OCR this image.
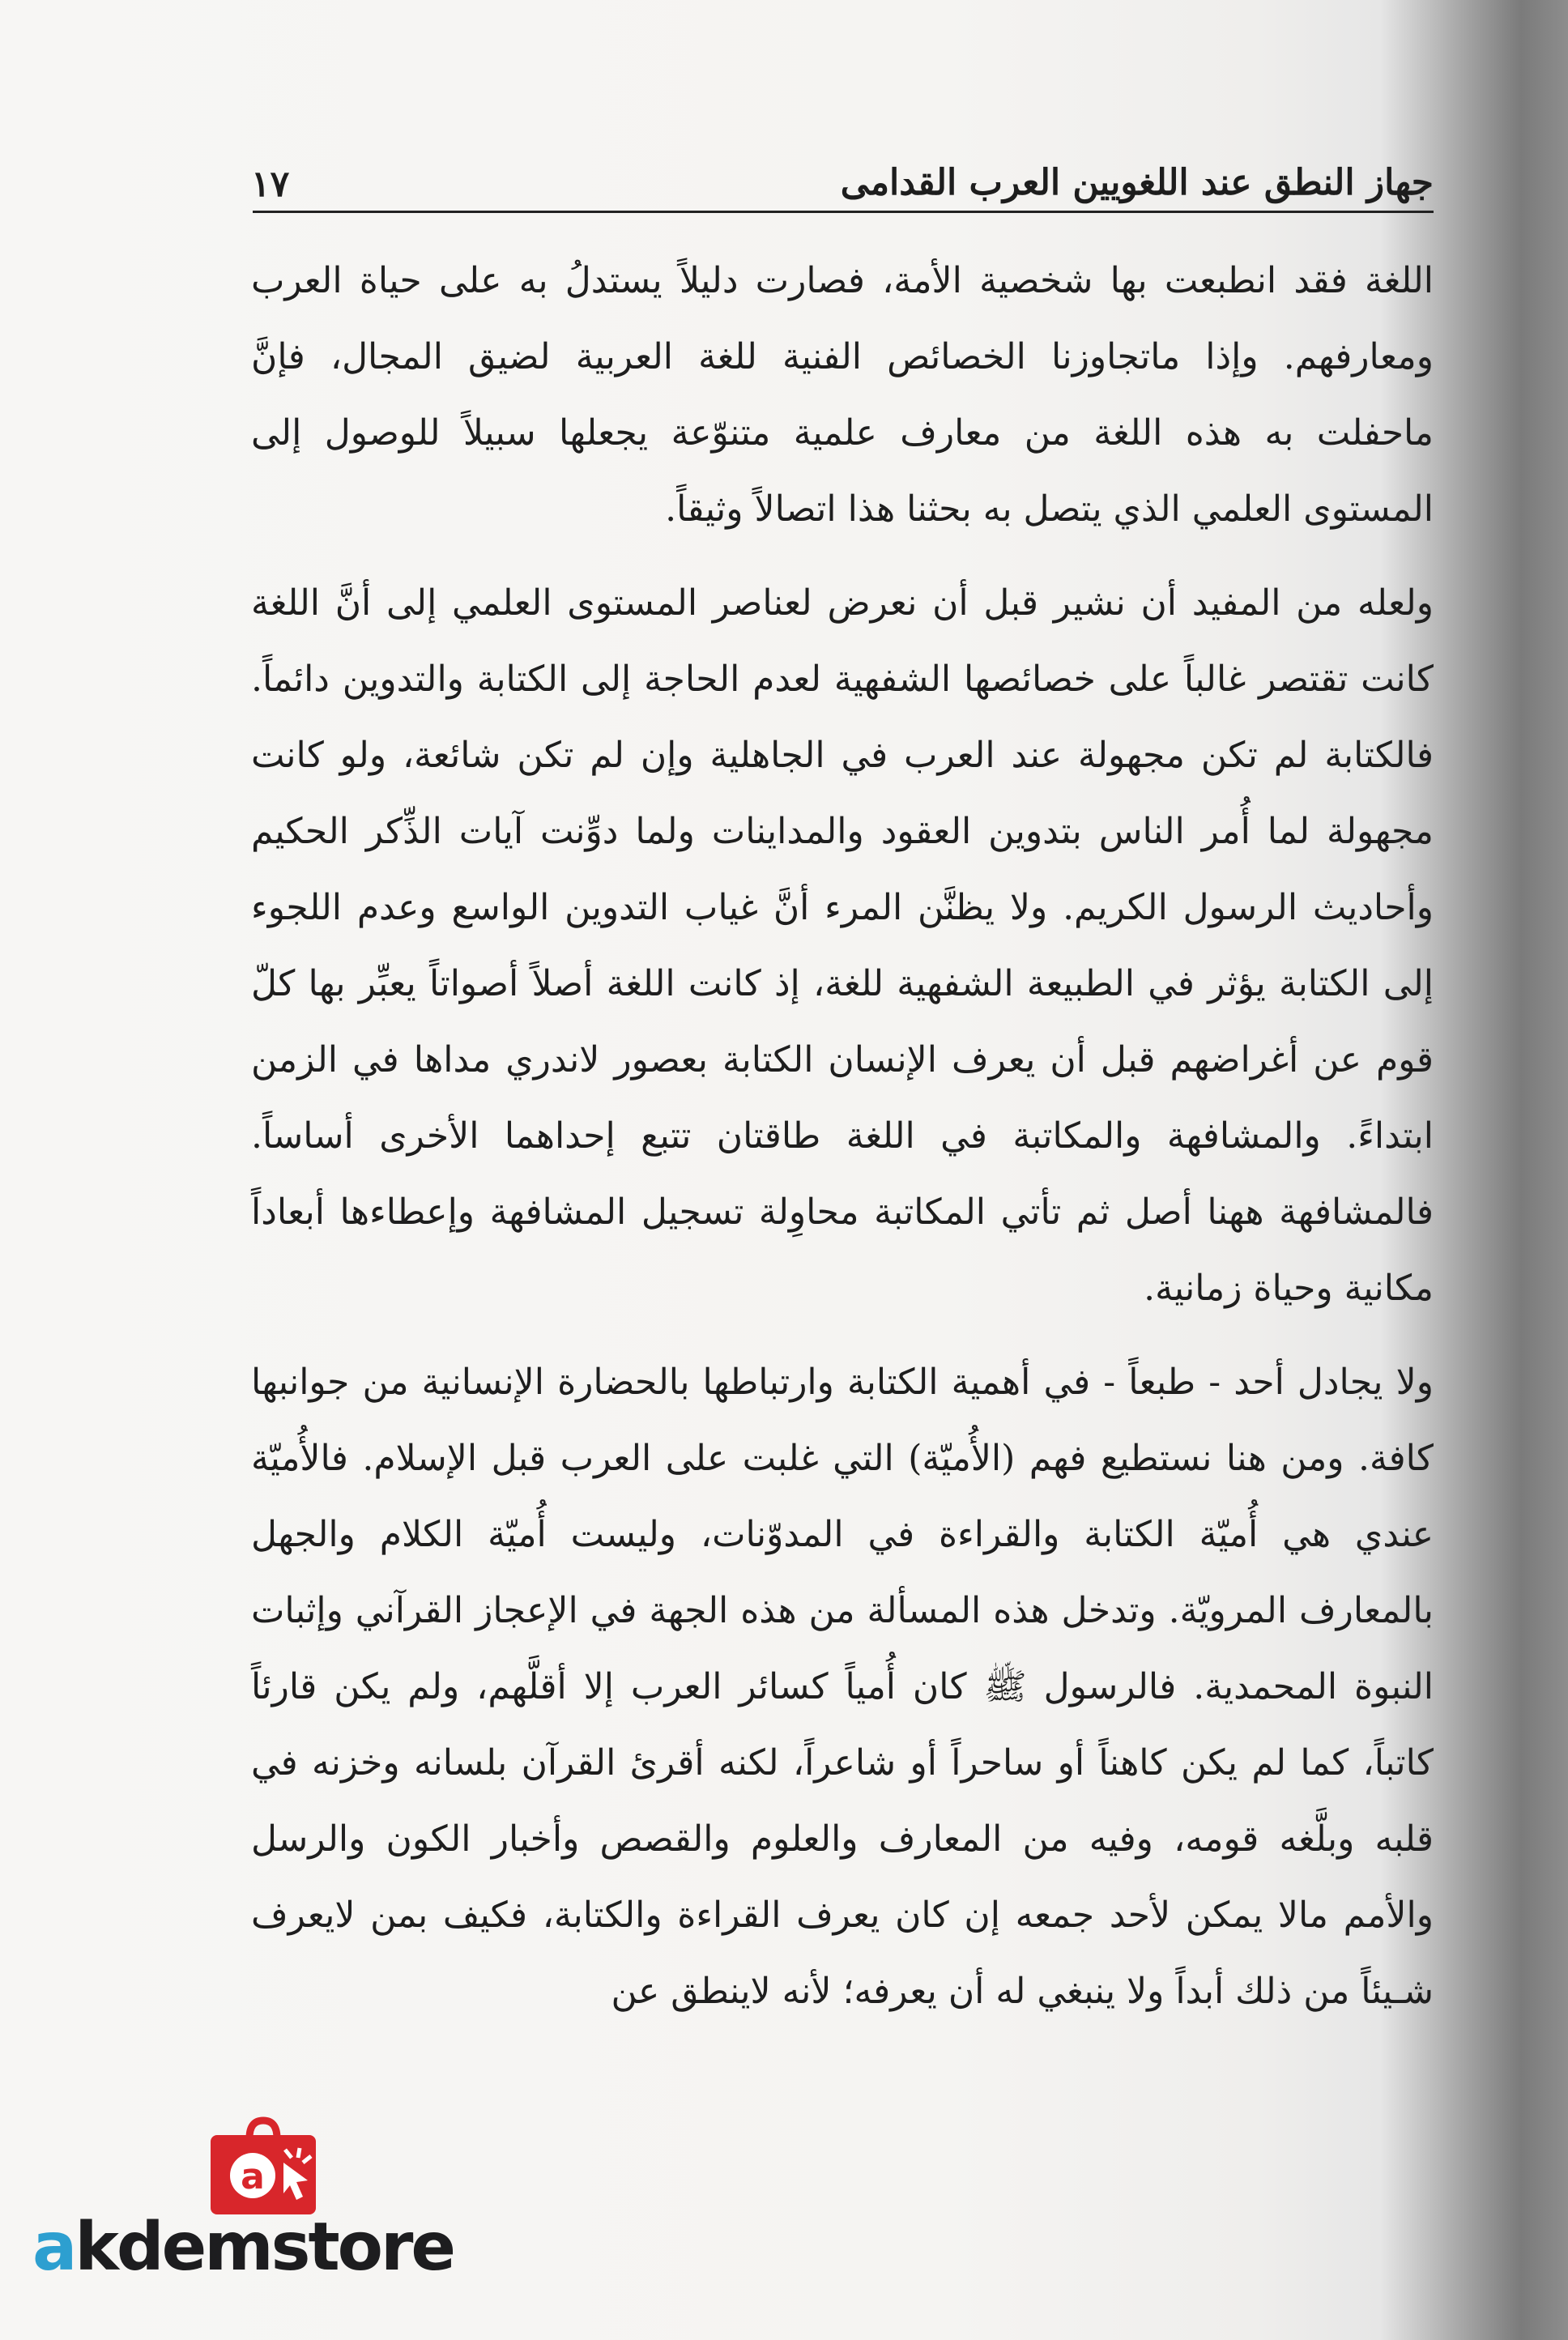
جهاز النطق عند اللغويين العرب القدامى
١٧

اللغة فقد انطبعت بها شخصية الأمة، فصارت دليلاً يستدلُ به على حياة العرب ومعارفهم. وإذا ماتجاوزنا الخصائص الفنية للغة العربية لضيق المجال، فإنَّ ماحفلت به هذه اللغة من معارف علمية متنوّعة يجعلها سبيلاً للوصول إلى المستوى العلمي الذي يتصل به بحثنا هذا اتصالاً وثيقاً.

ولعله من المفيد أن نشير قبل أن نعرض لعناصر المستوى العلمي إلى أنَّ اللغة كانت تقتصر غالباً على خصائصها الشفهية لعدم الحاجة إلى الكتابة والتدوين دائماً. فالكتابة لم تكن مجهولة عند العرب في الجاهلية وإن لم تكن شائعة، ولو كانت مجهولة لما أُمر الناس بتدوين العقود والمداينات ولما دوِّنت آيات الذِّكر الحكيم وأحاديث الرسول الكريم. ولا يظنَّن المرء أنَّ غياب التدوين الواسع وعدم اللجوء إلى الكتابة يؤثر في الطبيعة الشفهية للغة، إذ كانت اللغة أصلاً أصواتاً يعبِّر بها كلّ قوم عن أغراضهم قبل أن يعرف الإنسان الكتابة بعصور لاندري مداها في الزمن ابتداءً. والمشافهة والمكاتبة في اللغة طاقتان تتبع إحداهما الأخرى أساساً. فالمشافهة ههنا أصل ثم تأتي المكاتبة محاوِلة تسجيل المشافهة وإعطاءها أبعاداً مكانية وحياة زمانية.

ولا يجادل أحد - طبعاً - في أهمية الكتابة وارتباطها بالحضارة الإنسانية من جوانبها كافة. ومن هنا نستطيع فهم (الأُميّة) التي غلبت على العرب قبل الإسلام. فالأُميّة عندي هي أُميّة الكتابة والقراءة في المدوّنات، وليست أُميّة الكلام والجهل بالمعارف المرويّة. وتدخل هذه المسألة من هذه الجهة في الإعجاز القرآني وإثبات النبوة المحمدية. فالرسول ﷺ كان أُمياً كسائر العرب إلا أقلَّهم، ولم يكن قارئاً كاتباً، كما لم يكن كاهناً أو ساحراً أو شاعراً، لكنه أقرئ القرآن بلسانه وخزنه في قلبه وبلَّغه قومه، وفيه من المعارف والعلوم والقصص وأخبار الكون والرسل والأمم مالا يمكن لأحد جمعه إن كان يعرف القراءة والكتابة، فكيف بمن لايعرف شـيئاً من ذلك أبداً ولا ينبغي له أن يعرفه؛ لأنه لاينطق عن

a
akdemstore
